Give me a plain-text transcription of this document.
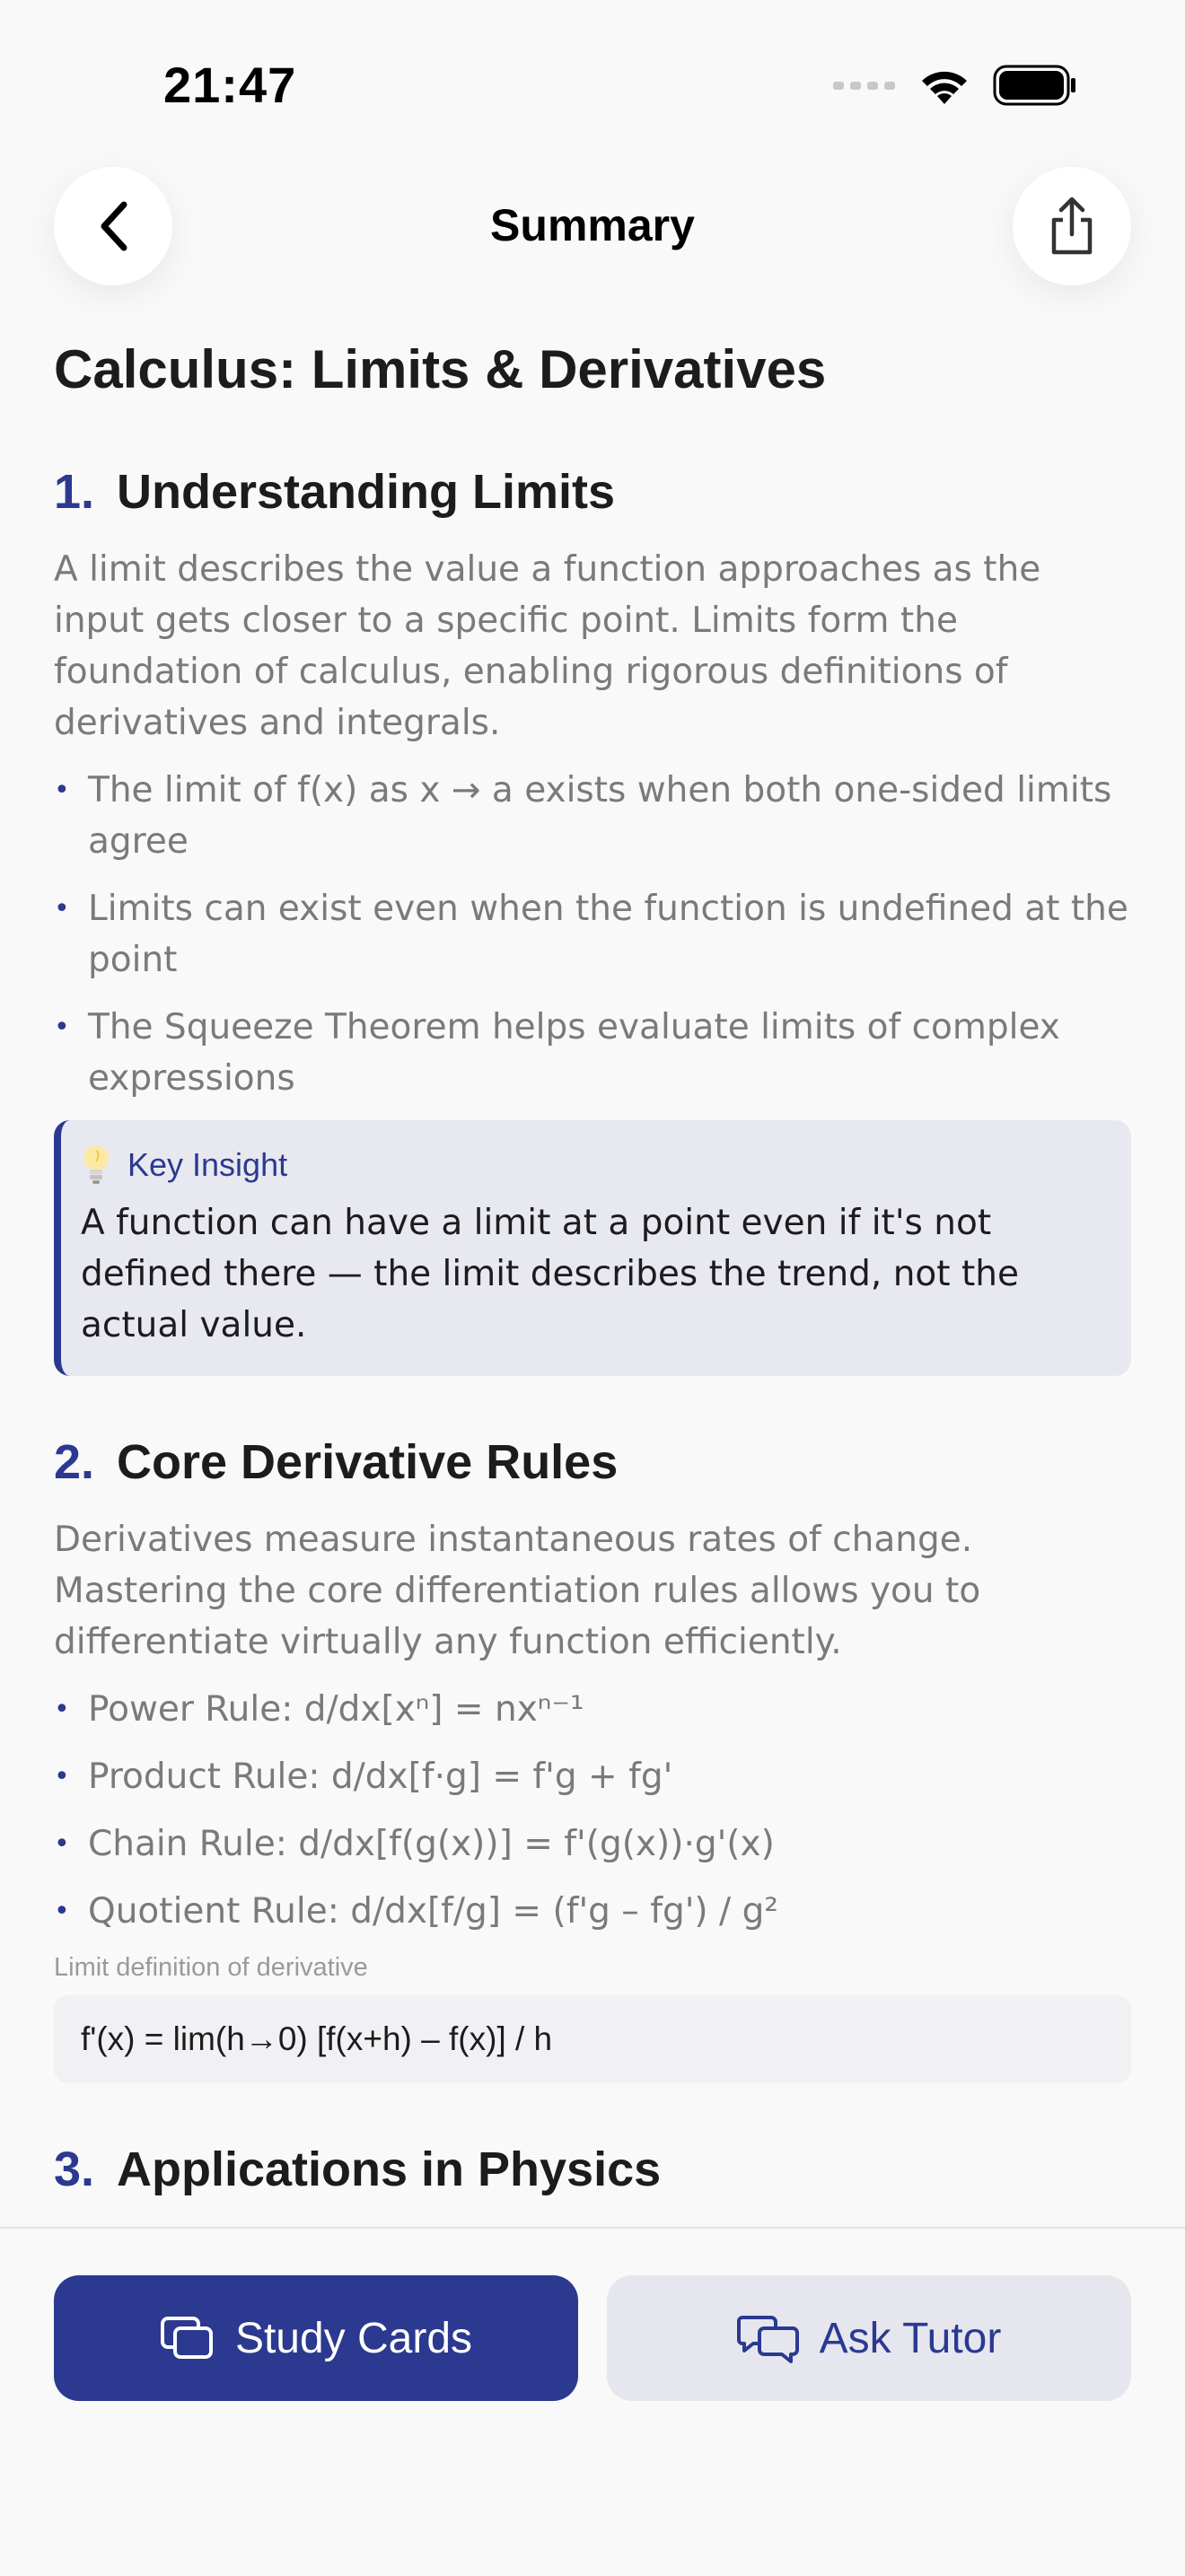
21:47
Summary
Calculus: Limits & Derivatives
1. Understanding Limits

A limit describes the value a function approaches as the input gets closer to a specific point. Limits form the foundation of calculus, enabling rigorous definitions of derivatives and integrals.

• The limit of f(x) as x → a exists when both one-sided limits agree
• Limits can exist even when the function is undefined at the point
• The Squeeze Theorem helps evaluate limits of complex expressions
Key Insight
A function can have a limit at a point even if it's not defined there — the limit describes the trend, not the actual value.
2. Core Derivative Rules

Derivatives measure instantaneous rates of change. Mastering the core differentiation rules allows you to differentiate virtually any function efficiently.

• Power Rule: d/dx[xⁿ] = nxⁿ⁻¹
• Product Rule: d/dx[f·g] = f'g + fg'
• Chain Rule: d/dx[f(g(x))] = f'(g(x))·g'(x)
• Quotient Rule: d/dx[f/g] = (f'g – fg') / g²
Limit definition of derivative
f'(x) = lim(h→0) [f(x+h) – f(x)] / h
3. Applications in Physics
Study Cards	Ask Tutor
